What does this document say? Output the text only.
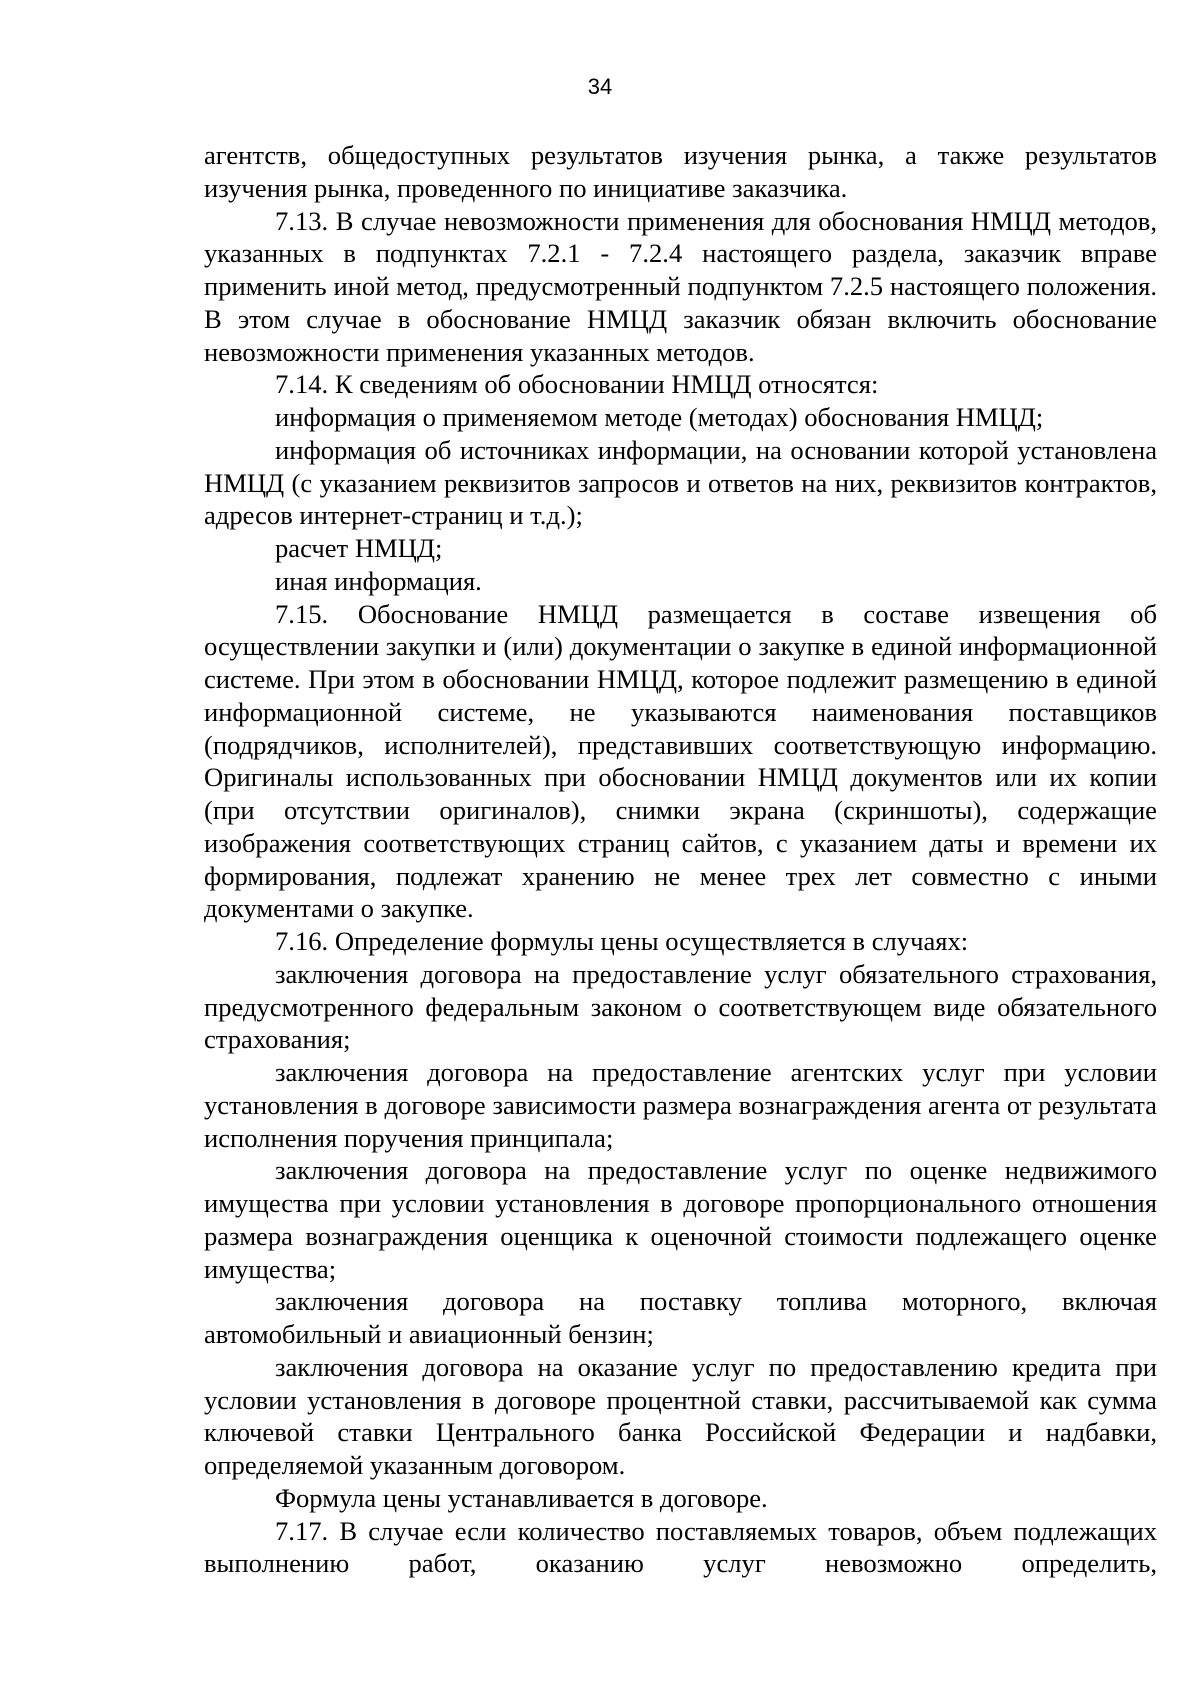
34

агентств, общедоступных результатов изучения рынка, а также результатов изучения рынка, проведенного по инициативе заказчика.

7.13. В случае невозможности применения для обоснования НМЦД методов, указанных в подпунктах 7.2.1 - 7.2.4 настоящего раздела, заказчик вправе применить иной метод, предусмотренный подпунктом 7.2.5 настоящего положения. В этом случае в обоснование НМЦД заказчик обязан включить обоснование невозможности применения указанных методов.

7.14. К сведениям об обосновании НМЦД относятся:

информация о применяемом методе (методах) обоснования НМЦД;

информация об источниках информации, на основании которой установлена НМЦД (с указанием реквизитов запросов и ответов на них, реквизитов контрактов, адресов интернет-страниц и т.д.);

расчет НМЦД;

иная информация.

7.15. Обоснование НМЦД размещается в составе извещения об осуществлении закупки и (или) документации о закупке в единой информационной системе. При этом в обосновании НМЦД, которое подлежит размещению в единой информационной системе, не указываются наименования поставщиков (подрядчиков, исполнителей), представивших соответствующую информацию. Оригиналы использованных при обосновании НМЦД документов или их копии (при отсутствии оригиналов), снимки экрана (скриншоты), содержащие изображения соответствующих страниц сайтов, с указанием даты и времени их формирования, подлежат хранению не менее трех лет совместно с иными документами о закупке.

7.16. Определение формулы цены осуществляется в случаях:

заключения договора на предоставление услуг обязательного страхования, предусмотренного федеральным законом о соответствующем виде обязательного страхования;

заключения договора на предоставление агентских услуг при условии установления в договоре зависимости размера вознаграждения агента от результата исполнения поручения принципала;

заключения договора на предоставление услуг по оценке недвижимого имущества при условии установления в договоре пропорционального отношения размера вознаграждения оценщика к оценочной стоимости подлежащего оценке имущества;

заключения договора на поставку топлива моторного, включая автомобильный и авиационный бензин;

заключения договора на оказание услуг по предоставлению кредита при условии установления в договоре процентной ставки, рассчитываемой как сумма ключевой ставки Центрального банка Российской Федерации и надбавки, определяемой указанным договором.

Формула цены устанавливается в договоре.

7.17. В случае если количество поставляемых товаров, объем подлежащих выполнению работ, оказанию услуг невозможно определить,
